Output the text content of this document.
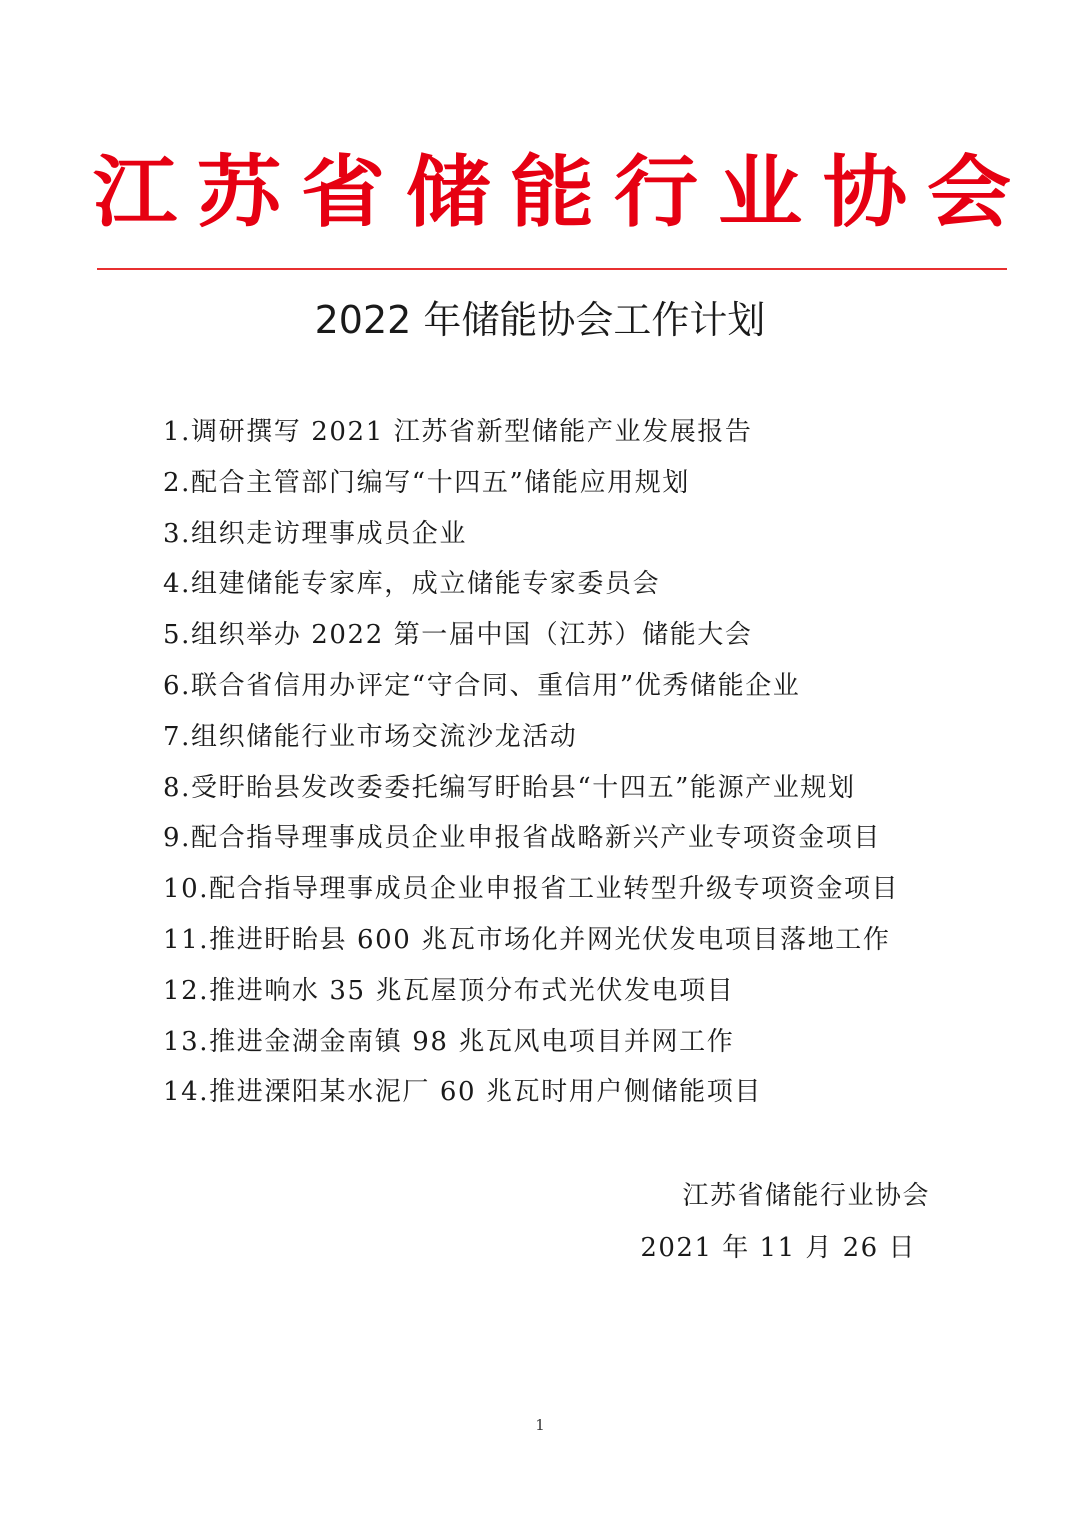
江 苏 省 储 能 行 业 协 会
2022 年储能协会工作计划
1.调研撰写 2021 江苏省新型储能产业发展报告
2.配合主管部门编写“十四五”储能应用规划
3.组织走访理事成员企业
4.组建储能专家库，成立储能专家委员会
5.组织举办 2022 第一届中国（江苏）储能大会
6.联合省信用办评定“守合同、重信用”优秀储能企业
7.组织储能行业市场交流沙龙活动
8.受盱眙县发改委委托编写盱眙县“十四五”能源产业规划
9.配合指导理事成员企业申报省战略新兴产业专项资金项目
10.配合指导理事成员企业申报省工业转型升级专项资金项目
11.推进盱眙县 600 兆瓦市场化并网光伏发电项目落地工作
12.推进响水 35 兆瓦屋顶分布式光伏发电项目
13.推进金湖金南镇 98 兆瓦风电项目并网工作
14.推进溧阳某水泥厂 60 兆瓦时用户侧储能项目
江苏省储能行业协会
2021 年 11 月 26 日
1
